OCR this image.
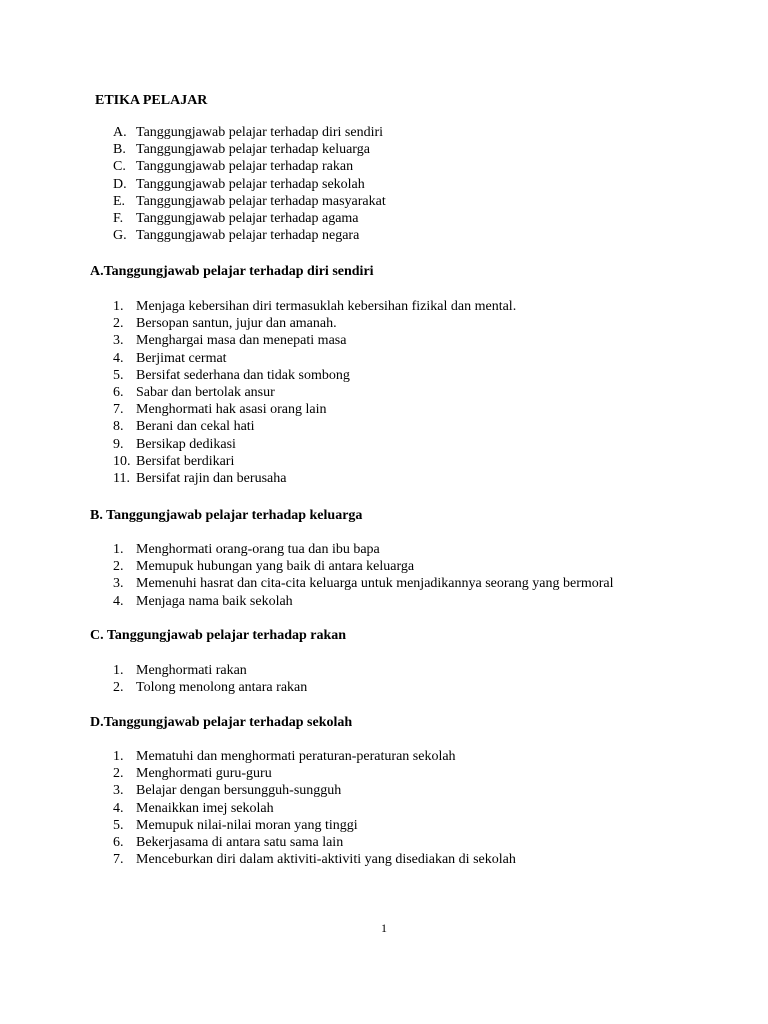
ETIKA PELAJAR

A. Tanggungjawab pelajar terhadap diri sendiri
B. Tanggungjawab pelajar terhadap keluarga
C. Tanggungjawab pelajar terhadap rakan
D. Tanggungjawab pelajar terhadap sekolah
E. Tanggungjawab pelajar terhadap masyarakat
F. Tanggungjawab pelajar terhadap agama
G. Tanggungjawab pelajar terhadap negara

A.Tanggungjawab pelajar terhadap diri sendiri

1. Menjaga kebersihan diri termasuklah kebersihan fizikal dan mental.
2. Bersopan santun, jujur dan amanah.
3. Menghargai masa dan menepati masa
4. Berjimat cermat
5. Bersifat sederhana dan tidak sombong
6. Sabar dan bertolak ansur
7. Menghormati hak asasi orang lain
8. Berani dan cekal hati
9. Bersikap dedikasi
10. Bersifat berdikari
11. Bersifat rajin dan berusaha

B. Tanggungjawab pelajar terhadap keluarga

1. Menghormati orang-orang tua dan ibu bapa
2. Memupuk hubungan yang baik di antara keluarga
3. Memenuhi hasrat dan cita-cita keluarga untuk menjadikannya seorang yang bermoral
4. Menjaga nama baik sekolah

C. Tanggungjawab pelajar terhadap rakan

1. Menghormati rakan
2. Tolong menolong antara rakan

D.Tanggungjawab pelajar terhadap sekolah

1. Mematuhi dan menghormati peraturan-peraturan sekolah
2. Menghormati guru-guru
3. Belajar dengan bersungguh-sungguh
4. Menaikkan imej sekolah
5. Memupuk nilai-nilai moran yang tinggi
6. Bekerjasama di antara satu sama lain
7. Menceburkan diri dalam aktiviti-aktiviti yang disediakan di sekolah
1
